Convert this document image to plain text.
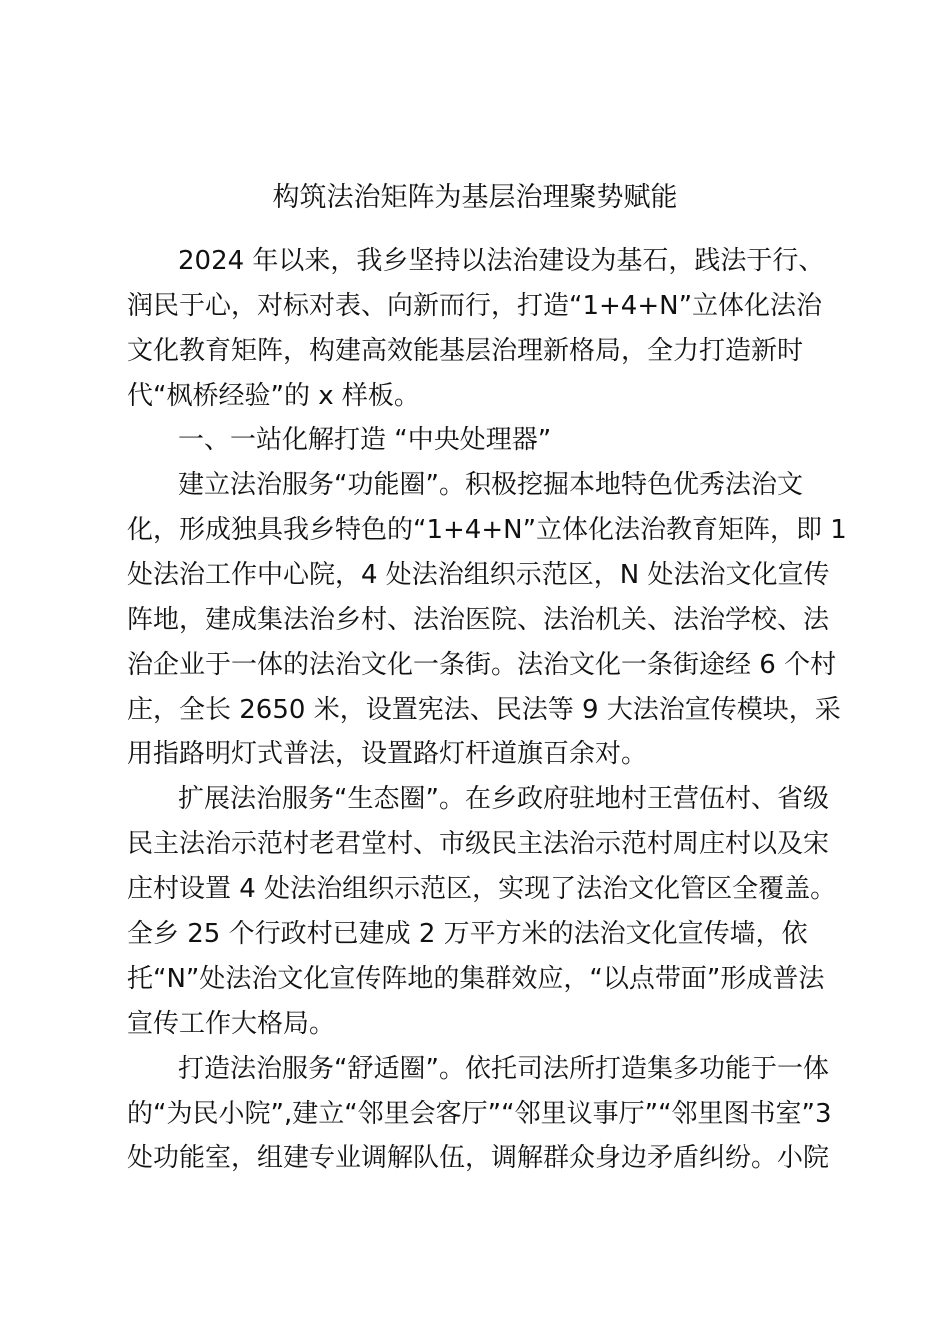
构筑法治矩阵为基层治理聚势赋能
2024 年以来，我乡坚持以法治建设为基石，践法于行、
润民于心，对标对表、向新而行，打造“1+4+N”立体化法治
文化教育矩阵，构建高效能基层治理新格局，全力打造新时
代“枫桥经验”的 x 样板。
一、一站化解打造 “中央处理器”
建立法治服务“功能圈”。积极挖掘本地特色优秀法治文
化，形成独具我乡特色的“1+4+N”立体化法治教育矩阵，即 1
处法治工作中心院，4 处法治组织示范区，N 处法治文化宣传
阵地，建成集法治乡村、法治医院、法治机关、法治学校、法
治企业于一体的法治文化一条街。法治文化一条街途经 6 个村
庄，全长 2650 米，设置宪法、民法等 9 大法治宣传模块，采
用指路明灯式普法，设置路灯杆道旗百余对。
扩展法治服务“生态圈”。在乡政府驻地村王营伍村、省级
民主法治示范村老君堂村、市级民主法治示范村周庄村以及宋
庄村设置 4 处法治组织示范区，实现了法治文化管区全覆盖。
全乡 25 个行政村已建成 2 万平方米的法治文化宣传墙，依
托“N”处法治文化宣传阵地的集群效应，“以点带面”形成普法
宣传工作大格局。
打造法治服务“舒适圈”。依托司法所打造集多功能于一体
的“为民小院”,建立“邻里会客厅”“邻里议事厅”“邻里图书室”3
处功能室，组建专业调解队伍，调解群众身边矛盾纠纷。小院
